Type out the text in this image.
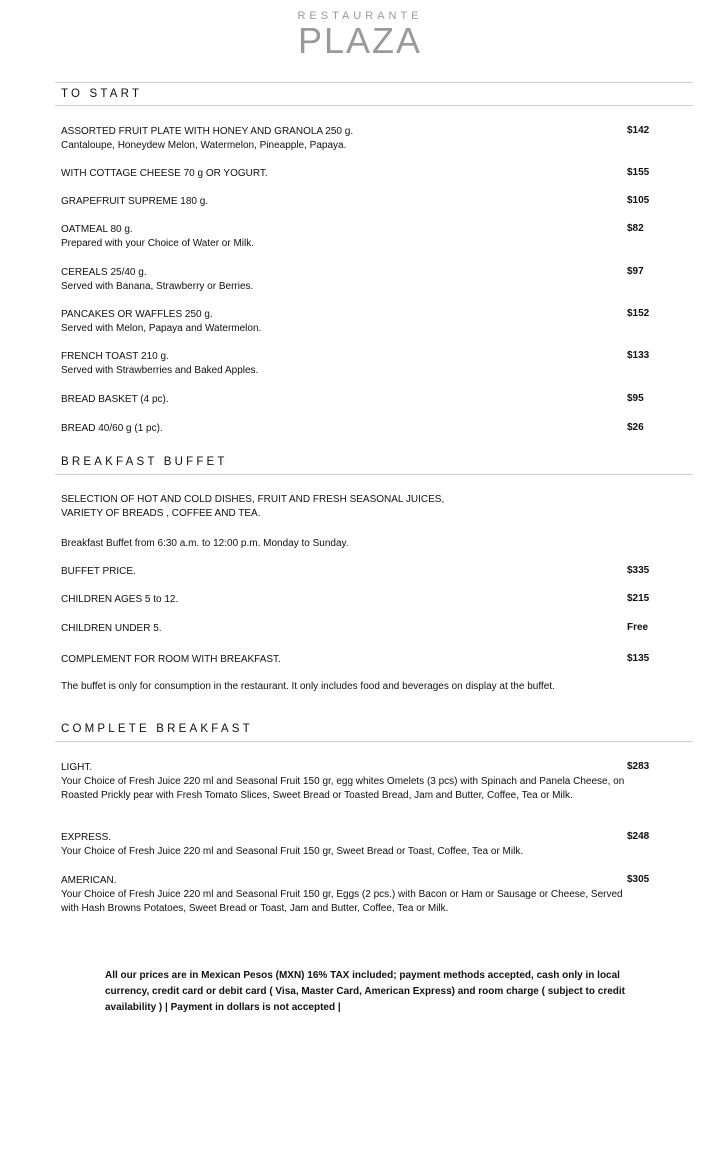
RESTAURANTE
PLAZA
TO START
ASSORTED FRUIT PLATE WITH HONEY AND GRANOLA 250 g.
Cantaloupe, Honeydew Melon, Watermelon, Pineapple, Papaya.
$142
WITH COTTAGE CHEESE 70 g OR YOGURT.	$155
GRAPEFRUIT SUPREME 180 g.	$105
OATMEAL 80 g.
Prepared with your Choice of Water or Milk.
$82
CEREALS 25/40 g.
Served with Banana, Strawberry or Berries.
$97
PANCAKES OR WAFFLES 250 g.
Served with Melon, Papaya and Watermelon.
$152
FRENCH TOAST 210 g.
Served with Strawberries and Baked Apples.
$133
BREAD BASKET (4 pc).	$95
BREAD 40/60 g (1 pc).	$26
BREAKFAST BUFFET
SELECTION OF HOT AND COLD DISHES, FRUIT AND FRESH SEASONAL JUICES,
VARIETY OF BREADS , COFFEE AND TEA.
Breakfast Buffet from 6:30 a.m. to 12:00 p.m. Monday to Sunday.
BUFFET PRICE.	$335
CHILDREN AGES 5 to 12.	$215
CHILDREN UNDER 5.	Free
COMPLEMENT FOR ROOM WITH BREAKFAST.	$135
The buffet is only for consumption in the restaurant. It only includes food and beverages on display at the buffet.
COMPLETE BREAKFAST
LIGHT.
Your Choice of Fresh Juice 220 ml and Seasonal Fruit 150 gr, egg whites Omelets (3 pcs) with Spinach and Panela Cheese, on Roasted Prickly pear with Fresh Tomato Slices, Sweet Bread or Toasted Bread, Jam and Butter, Coffee, Tea or Milk.
$283
EXPRESS.
Your Choice of Fresh Juice 220 ml and Seasonal Fruit 150 gr, Sweet Bread or Toast, Coffee, Tea or Milk.
$248
AMERICAN.
Your Choice of Fresh Juice 220 ml and Seasonal Fruit 150 gr, Eggs (2 pcs.) with Bacon or Ham or Sausage or Cheese, Served with Hash Browns Potatoes, Sweet Bread or Toast, Jam and Butter, Coffee, Tea or Milk.
$305
All our prices are in Mexican Pesos (MXN) 16% TAX included; payment methods accepted, cash only in local currency, credit card or debit card ( Visa, Master Card, American Express) and room charge ( subject to credit availability ) | Payment in dollars is not accepted |
